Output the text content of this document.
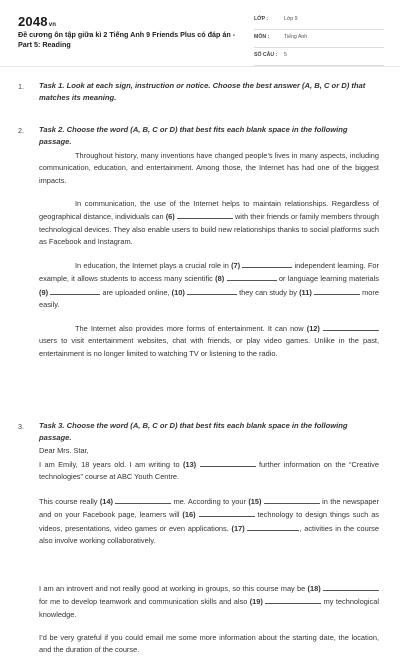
2048vn
Đề cương ôn tập giữa kì 2 Tiếng Anh 9 Friends Plus có đáp án - Part 5: Reading
LỚP :	Lớp 9
MÔN :	Tiếng Anh
SỐ CÂU : 5
1. Task 1. Look at each sign, instruction or notice. Choose the best answer (A, B, C or D) that matches its meaning.
2. Task 2. Choose the word (A, B, C or D) that best fits each blank space in the following passage.
Throughout history, many inventions have changed people’s lives in many aspects, including communication, education, and entertainment. Among those, the Internet has had one of the biggest impacts.
In communication, the use of the Internet helps to maintain relationships. Regardless of geographical distance, individuals can (6)	with their friends or family members through technological devices. They also enable users to build new relationships thanks to social platforms such as Facebook and Instagram.
In education, the Internet plays a crucial role in (7)	independent learning. For example, it allows students to access many scientific (8)	or language learning materials (9)	are uploaded online, (10)	they can study by (11)	more easily.
The Internet also provides more forms of entertainment. It can now (12)  users to visit entertainment websites, chat with friends, or play video games. Unlike in the past, entertainment is no longer limited to watching TV or listening to the radio.
3. Task 3. Choose the word (A, B, C or D) that best fits each blank space in the following passage.
Dear Mrs. Star,
I am Emily, 18 years old. I am writing to (13)	further information on the “Creative technologies” course at ABC Youth Centre.
This course really (14)	me. According to your (15)	in the newspaper and on your Facebook page, learners will (16)	technology to design things such as videos, presentations, video games or even applications. (17)	, activities in the course also involve working collaboratively.
I am an introvert and not really good at working in groups, so this course may be (18)  for me to develop teamwork and communication skills and also (19)	my technological knowledge.
I’d be very grateful if you could email me some more information about the starting date, the location, and the duration of the course.
